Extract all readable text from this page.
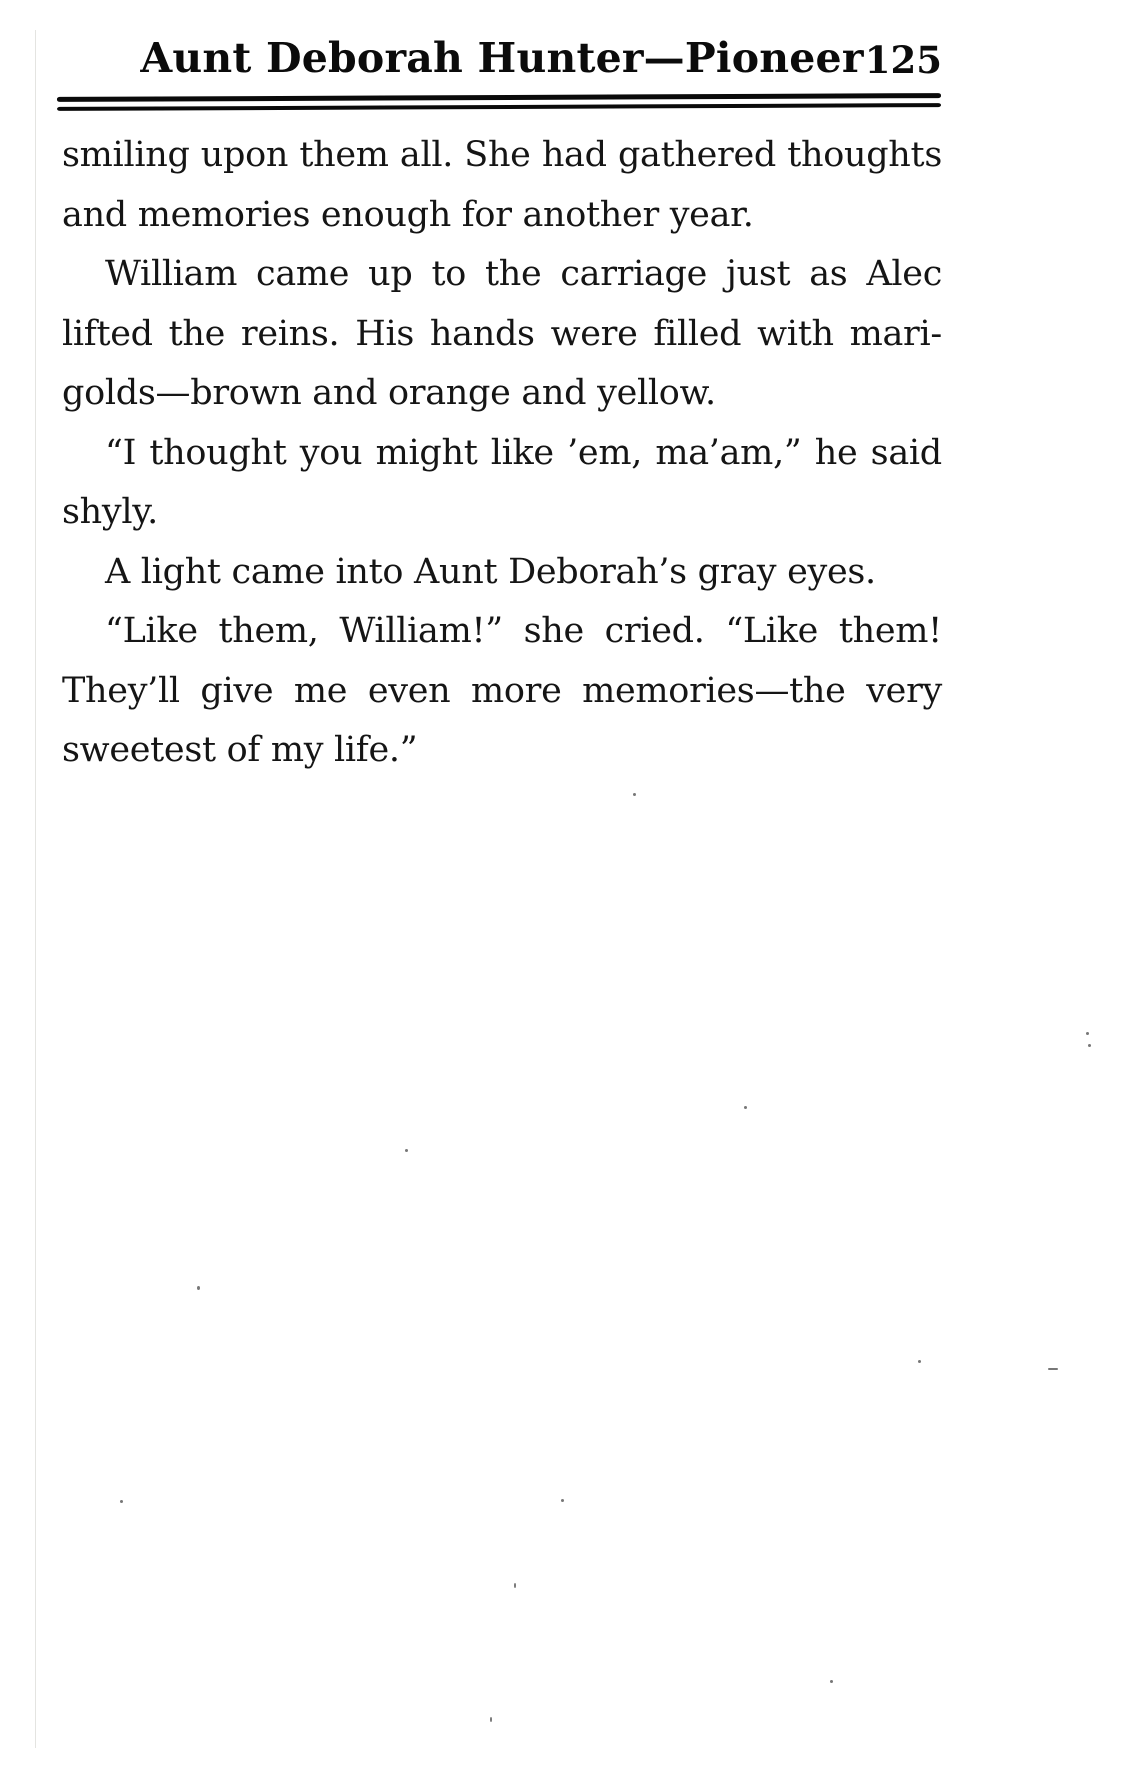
Aunt Deborah Hunter—Pioneer 125
smiling upon them all. She had gathered thoughts
and memories enough for another year.
William came up to the carriage just as Alec
lifted the reins. His hands were filled with mari-
golds—brown and orange and yellow.
“I thought you might like ’em, ma’am,” he said
shyly.
A light came into Aunt Deborah’s gray eyes.
“Like them, William!” she cried. “Like them!
They’ll give me even more memories—the very
sweetest of my life.”
